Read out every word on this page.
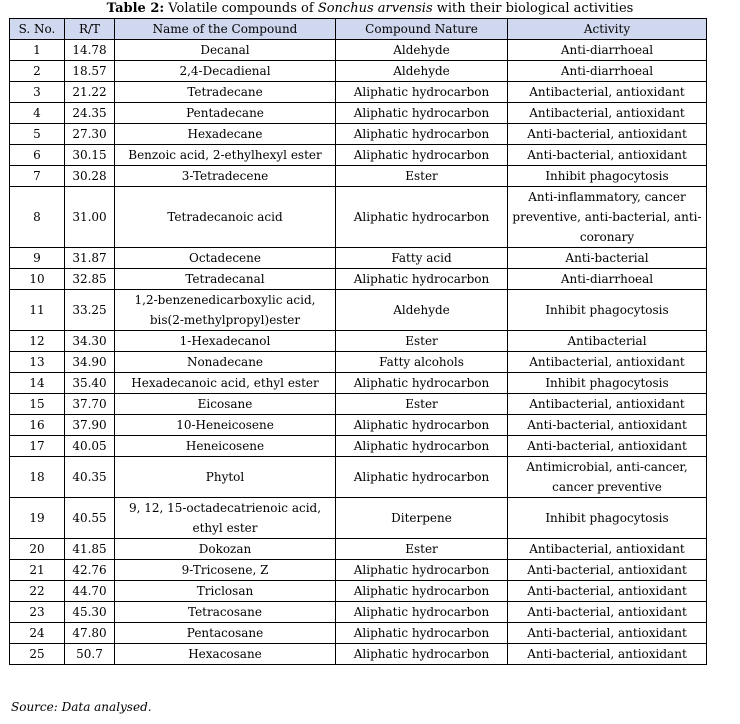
Table 2: Volatile compounds of Sonchus arvensis with their biological activities
S. No.	R/T	Name of the Compound	Compound Nature	Activity
1	14.78	Decanal	Aldehyde	Anti-diarrhoeal
2	18.57	2,4-Decadienal	Aldehyde	Anti-diarrhoeal
3	21.22	Tetradecane	Aliphatic hydrocarbon	Antibacterial, antioxidant
4	24.35	Pentadecane	Aliphatic hydrocarbon	Antibacterial, antioxidant
5	27.30	Hexadecane	Aliphatic hydrocarbon	Anti-bacterial, antioxidant
6	30.15	Benzoic acid, 2-ethylhexyl ester	Aliphatic hydrocarbon	Anti-bacterial, antioxidant
7	30.28	3-Tetradecene	Ester	Inhibit phagocytosis
8	31.00	Tetradecanoic acid	Aliphatic hydrocarbon	Anti-inflammatory, cancer preventive, anti-bacterial, anti-coronary
9	31.87	Octadecene	Fatty acid	Anti-bacterial
10	32.85	Tetradecanal	Aliphatic hydrocarbon	Anti-diarrhoeal
11	33.25	1,2-benzenedicarboxylic acid, bis(2-methylpropyl)ester	Aldehyde	Inhibit phagocytosis
12	34.30	1-Hexadecanol	Ester	Antibacterial
13	34.90	Nonadecane	Fatty alcohols	Antibacterial, antioxidant
14	35.40	Hexadecanoic acid, ethyl ester	Aliphatic hydrocarbon	Inhibit phagocytosis
15	37.70	Eicosane	Ester	Antibacterial, antioxidant
16	37.90	10-Heneicosene	Aliphatic hydrocarbon	Anti-bacterial, antioxidant
17	40.05	Heneicosene	Aliphatic hydrocarbon	Anti-bacterial, antioxidant
18	40.35	Phytol	Aliphatic hydrocarbon	Antimicrobial, anti-cancer, cancer preventive
19	40.55	9, 12, 15-octadecatrienoic acid, ethyl ester	Diterpene	Inhibit phagocytosis
20	41.85	Dokozan	Ester	Antibacterial, antioxidant
21	42.76	9-Tricosene, Z	Aliphatic hydrocarbon	Anti-bacterial, antioxidant
22	44.70	Triclosan	Aliphatic hydrocarbon	Anti-bacterial, antioxidant
23	45.30	Tetracosane	Aliphatic hydrocarbon	Anti-bacterial, antioxidant
24	47.80	Pentacosane	Aliphatic hydrocarbon	Anti-bacterial, antioxidant
25	50.7	Hexacosane	Aliphatic hydrocarbon	Anti-bacterial, antioxidant
Source: Data analysed.
